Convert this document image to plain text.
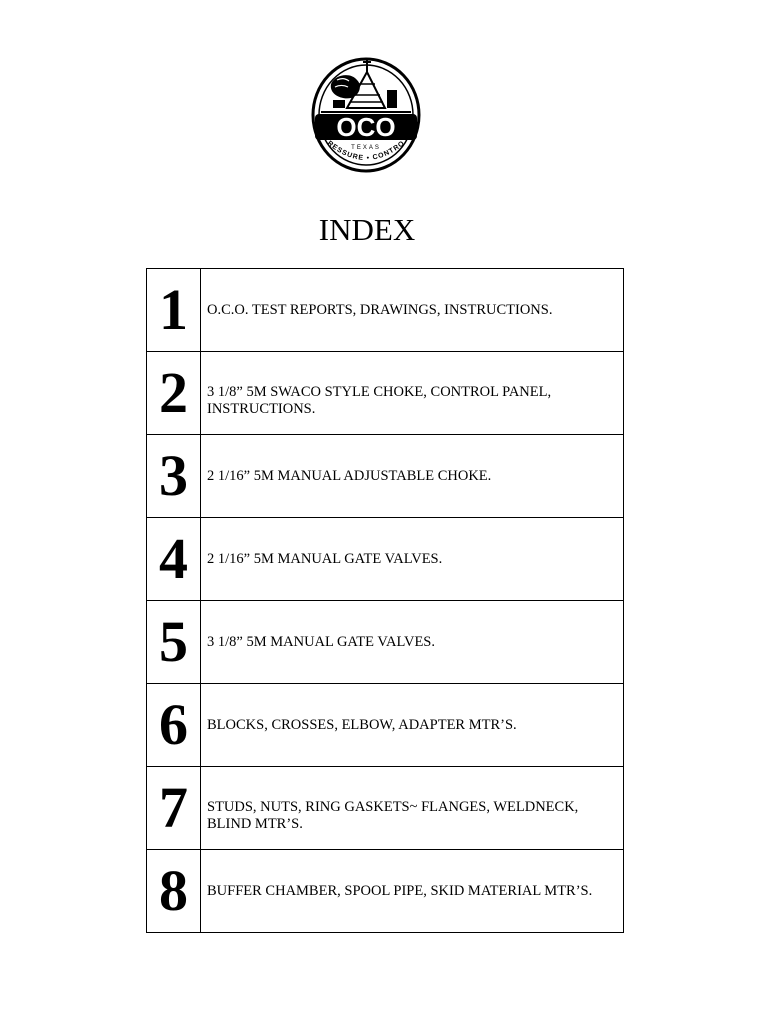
OCO
RESSURE • CONTRO
TEXAS
INDEX
1	O.C.O. TEST REPORTS, DRAWINGS, INSTRUCTIONS.

2	3 1/8” 5M SWACO STYLE CHOKE, CONTROL PANEL, INSTRUCTIONS.

3	2 1/16” 5M MANUAL ADJUSTABLE CHOKE.

4	2 1/16” 5M MANUAL GATE VALVES.

5	3 1/8” 5M MANUAL GATE VALVES.

6	BLOCKS, CROSSES, ELBOW, ADAPTER MTR’S.

7	STUDS, NUTS, RING GASKETS~ FLANGES, WELDNECK, BLIND MTR’S.

8	BUFFER CHAMBER, SPOOL PIPE, SKID MATERIAL MTR’S.
